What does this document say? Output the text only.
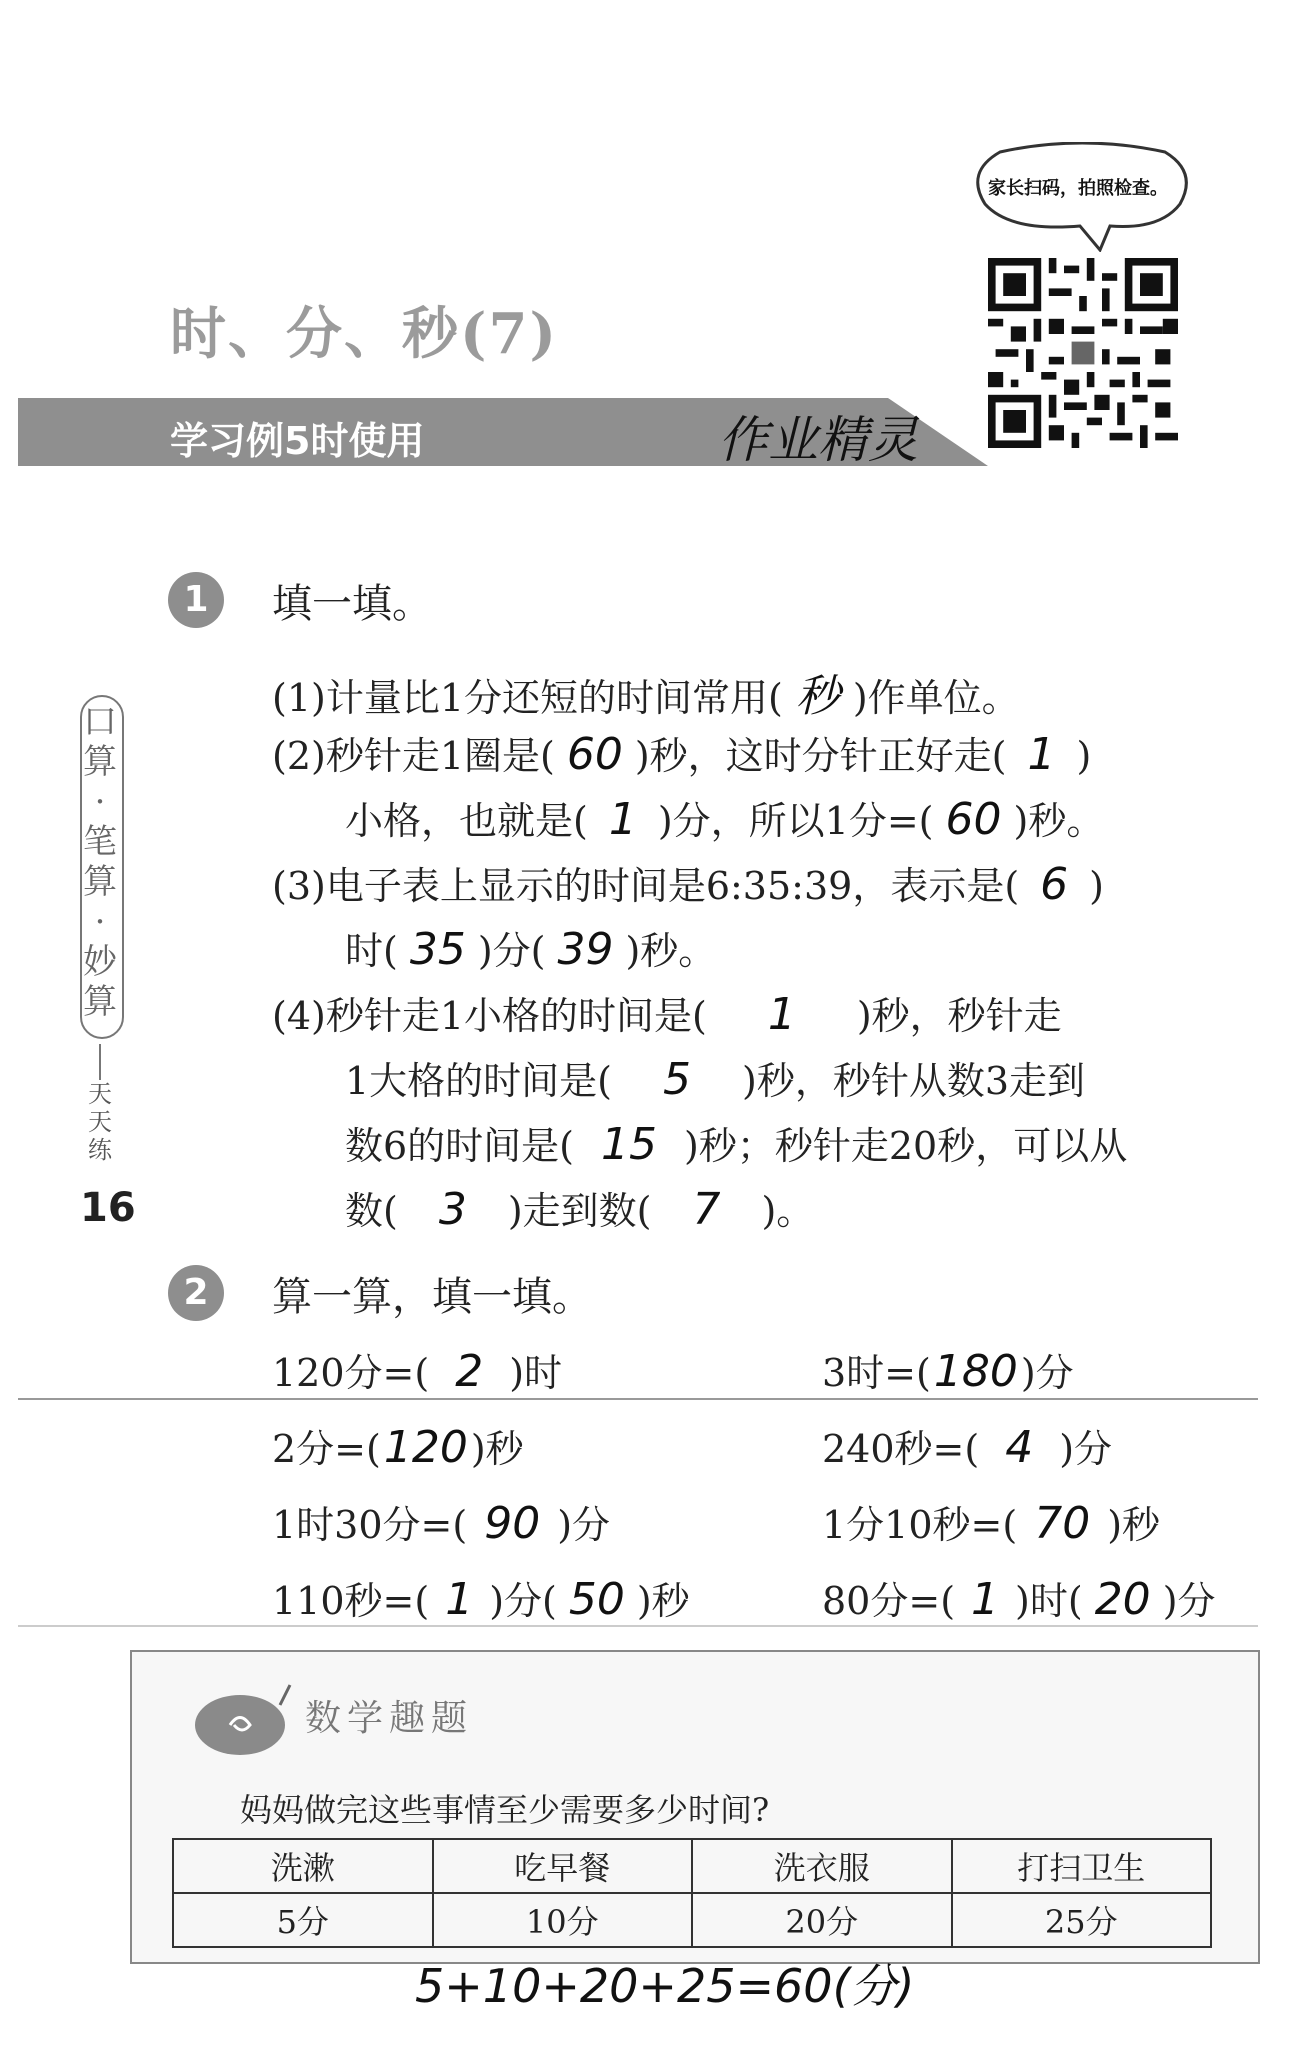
时、分、秒(7)
学习例5时使用	作业精灵
家长扫码，拍照检查。
口算·笔算·妙算
天天练
16
1	填一填。
(1)计量比1分还短的时间常用( 秒 )作单位。
(2)秒针走1圈是( 60 )秒，这时分针正好走( 1 )
小格，也就是( 1 )分，所以1分=( 60 )秒。
(3)电子表上显示的时间是6:35:39，表示是( 6 )
时( 35 )分( 39 )秒。
(4)秒针走1小格的时间是( 1 )秒，秒针走
1大格的时间是( 5 )秒，秒针从数3走到
数6的时间是( 15 )秒；秒针走20秒，可以从
数( 3 )走到数( 7 )。
2	算一算，填一填。
120分=( 2 )时	3时=(180)分
2分=(120)秒	240秒=( 4 )分
1时30分=( 90 )分	1分10秒=( 70 )秒
110秒=( 1 )分( 50 )秒	80分=( 1 )时( 20 )分
数学趣题
妈妈做完这些事情至少需要多少时间?
洗漱	吃早餐	洗衣服	打扫卫生
5分	10分	20分	25分
5+10+20+25=60(分)
